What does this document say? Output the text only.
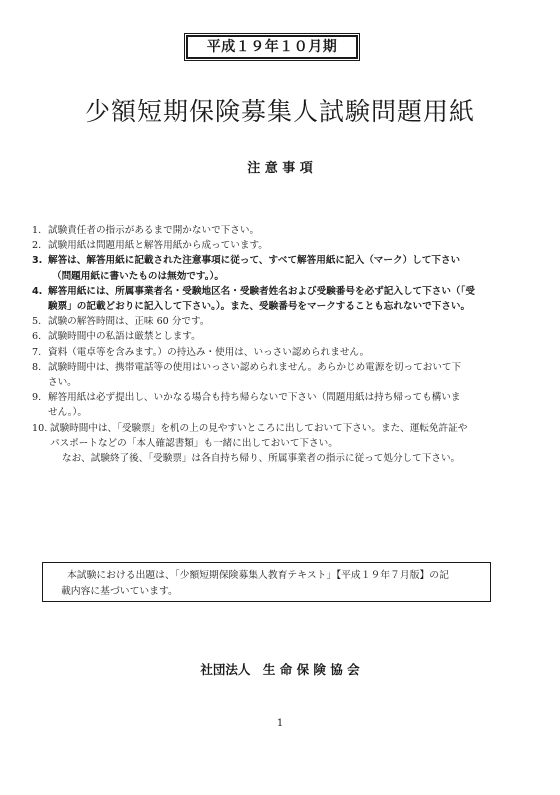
平成１９年１０月期
少額短期保険募集人試験問題用紙
注 意 事 項
1. 試験責任者の指示があるまで開かないで下さい。
2. 試験用紙は問題用紙と解答用紙から成っています。
3. 解答は、解答用紙に記載された注意事項に従って、すべて解答用紙に記入（マーク）して下さい
（問題用紙に書いたものは無効です。）。
4. 解答用紙には、所属事業者名・受験地区名・受験者姓名および受験番号を必ず記入して下さい（「受
験票」の記載どおりに記入して下さい。）。また、受験番号をマークすることも忘れないで下さい。
5. 試験の解答時間は、正味 60 分です。
6. 試験時間中の私語は厳禁とします。
7. 資料（電卓等を含みます。）の持込み・使用は、いっさい認められません。
8. 試験時間中は、携帯電話等の使用はいっさい認められません。あらかじめ電源を切っておいて下
さい。
9. 解答用紙は必ず提出し、いかなる場合も持ち帰らないで下さい（問題用紙は持ち帰っても構いま
せん。）。
10. 試験時間中は、「受験票」を机の上の見やすいところに出しておいて下さい。また、運転免許証や
パスポートなどの「本人確認書類」も一緒に出しておいて下さい。
なお、試験終了後、「受験票」は各自持ち帰り、所属事業者の指示に従って処分して下さい。
本試験における出題は、「少額短期保険募集人教育テキスト」【平成１９年７月版】の記
載内容に基づいています。
社団法人　生 命 保 険 協 会
1
